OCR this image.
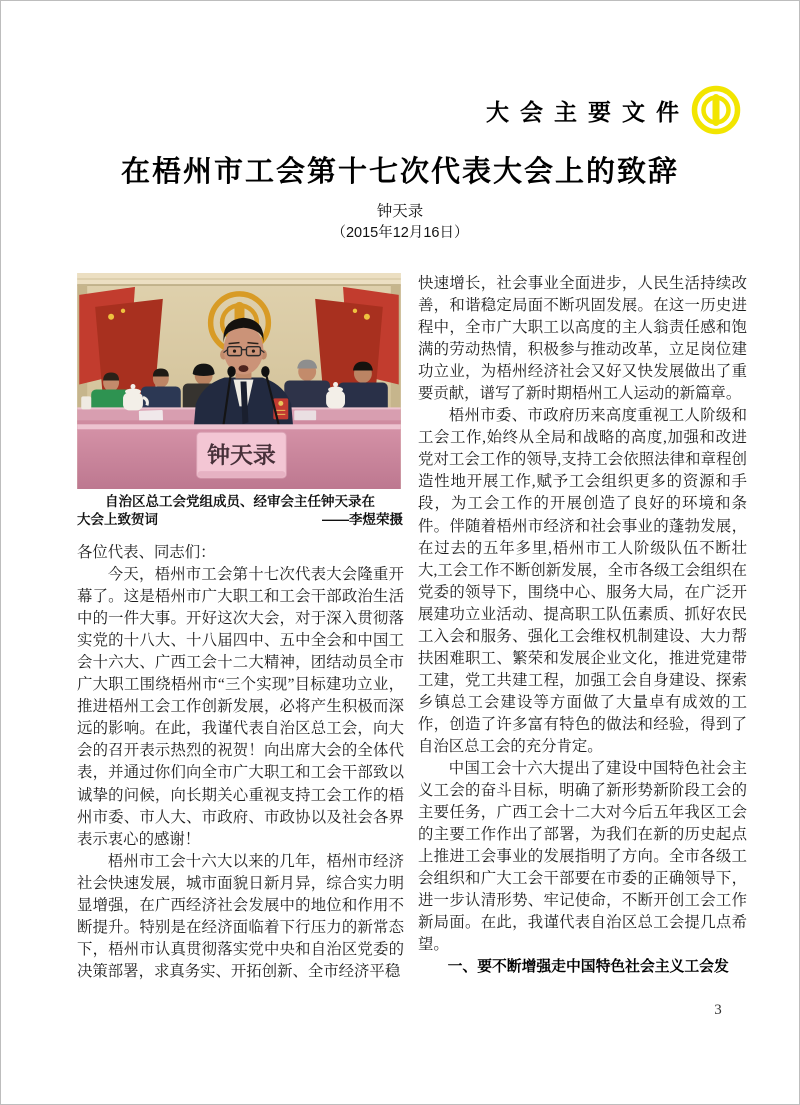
大会主要文件
在梧州市工会第十七次代表大会上的致辞
钟天录
（2015年12月16日）
钟天录
自治区总工会党组成员、经审会主任钟天录在
大会上致贺词	——李煜荣摄

各位代表、同志们：

今天，梧州市工会第十七次代表大会隆重开幕了。这是梧州市广大职工和工会干部政治生活中的一件大事。开好这次大会，对于深入贯彻落实党的十八大、十八届四中、五中全会和中国工会十六大、广西工会十二大精神，团结动员全市广大职工围绕梧州市“三个实现”目标建功立业，推进梧州工会工作创新发展，必将产生积极而深远的影响。在此，我谨代表自治区总工会，向大会的召开表示热烈的祝贺！向出席大会的全体代表，并通过你们向全市广大职工和工会干部致以诚挚的问候，向长期关心重视支持工会工作的梧州市委、市人大、市政府、市政协以及社会各界表示衷心的感谢！

梧州市工会十六大以来的几年，梧州市经济社会快速发展，城市面貌日新月异，综合实力明显增强，在广西经济社会发展中的地位和作用不断提升。特别是在经济面临着下行压力的新常态下，梧州市认真贯彻落实党中央和自治区党委的决策部署，求真务实、开拓创新、全市经济平稳

快速增长，社会事业全面进步，人民生活持续改善，和谐稳定局面不断巩固发展。在这一历史进程中，全市广大职工以高度的主人翁责任感和饱满的劳动热情，积极参与推动改革，立足岗位建功立业，为梧州经济社会又好又快发展做出了重要贡献，谱写了新时期梧州工人运动的新篇章。

梧州市委、市政府历来高度重视工人阶级和工会工作,始终从全局和战略的高度,加强和改进党对工会工作的领导,支持工会依照法律和章程创造性地开展工作,赋予工会组织更多的资源和手段，为工会工作的开展创造了良好的环境和条件。伴随着梧州市经济和社会事业的蓬勃发展，在过去的五年多里,梧州市工人阶级队伍不断壮大,工会工作不断创新发展，全市各级工会组织在党委的领导下，围绕中心、服务大局，在广泛开展建功立业活动、提高职工队伍素质、抓好农民工入会和服务、强化工会维权机制建设、大力帮扶困难职工、繁荣和发展企业文化，推进党建带工建，党工共建工程，加强工会自身建设、探索乡镇总工会建设等方面做了大量卓有成效的工作，创造了许多富有特色的做法和经验，得到了自治区总工会的充分肯定。

中国工会十六大提出了建设中国特色社会主义工会的奋斗目标，明确了新形势新阶段工会的主要任务，广西工会十二大对今后五年我区工会的主要工作作出了部署，为我们在新的历史起点上推进工会事业的发展指明了方向。全市各级工会组织和广大工会干部要在市委的正确领导下，进一步认清形势、牢记使命，不断开创工会工作新局面。在此，我谨代表自治区总工会提几点希望。

一、要不断增强走中国特色社会主义工会发

3
